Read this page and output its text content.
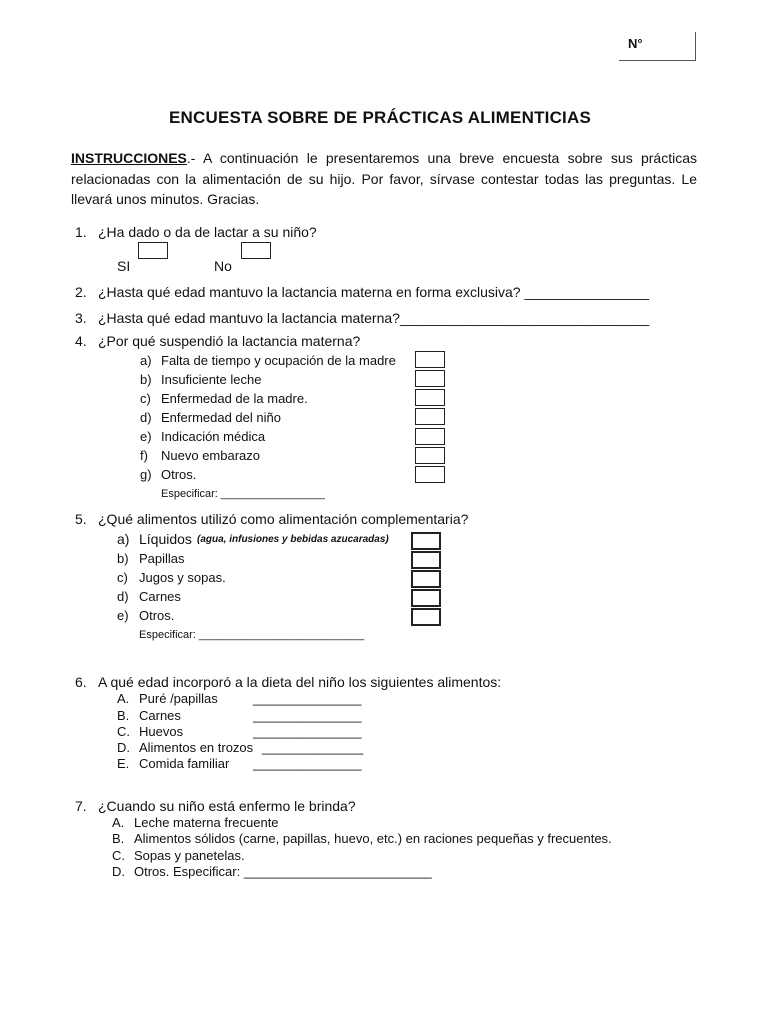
N°
ENCUESTA SOBRE DE PRÁCTICAS ALIMENTICIAS
INSTRUCCIONES.- A continuación le presentaremos una breve encuesta sobre sus prácticas relacionadas con la alimentación de su hijo. Por favor, sírvase contestar todas las preguntas. Le llevará unos minutos. Gracias.
1. ¿Ha dado o da de lactar a su niño?
SI	No
2. ¿Hasta qué edad mantuvo la lactancia materna en forma exclusiva? ________________
3. ¿Hasta qué edad mantuvo la lactancia materna?________________________________
4. ¿Por qué suspendió la lactancia materna?
a) Falta de tiempo y ocupación de la madre
b) Insuficiente leche
c) Enfermedad de la madre.
d) Enfermedad del niño
e) Indicación médica
f) Nuevo embarazo
g) Otros.
Especificar: _________________
5. ¿Qué alimentos utilizó como alimentación complementaria?
a) Líquidos (agua, infusiones y bebidas azucaradas)
b) Papillas
c) Jugos y sopas.
d) Carnes
e) Otros.
Especificar: ___________________________
6. A qué edad incorporó a la dieta del niño los siguientes alimentos:
A. Puré /papillas	_______________
B. Carnes	_______________
C. Huevos	_______________
D. Alimentos en trozos ______________
E. Comida familiar _______________
7. ¿Cuando su niño está enfermo le brinda?
A. Leche materna frecuente
B. Alimentos sólidos (carne, papillas, huevo, etc.) en raciones pequeñas y frecuentes.
C. Sopas y panetelas.
D. Otros. Especificar: __________________________
